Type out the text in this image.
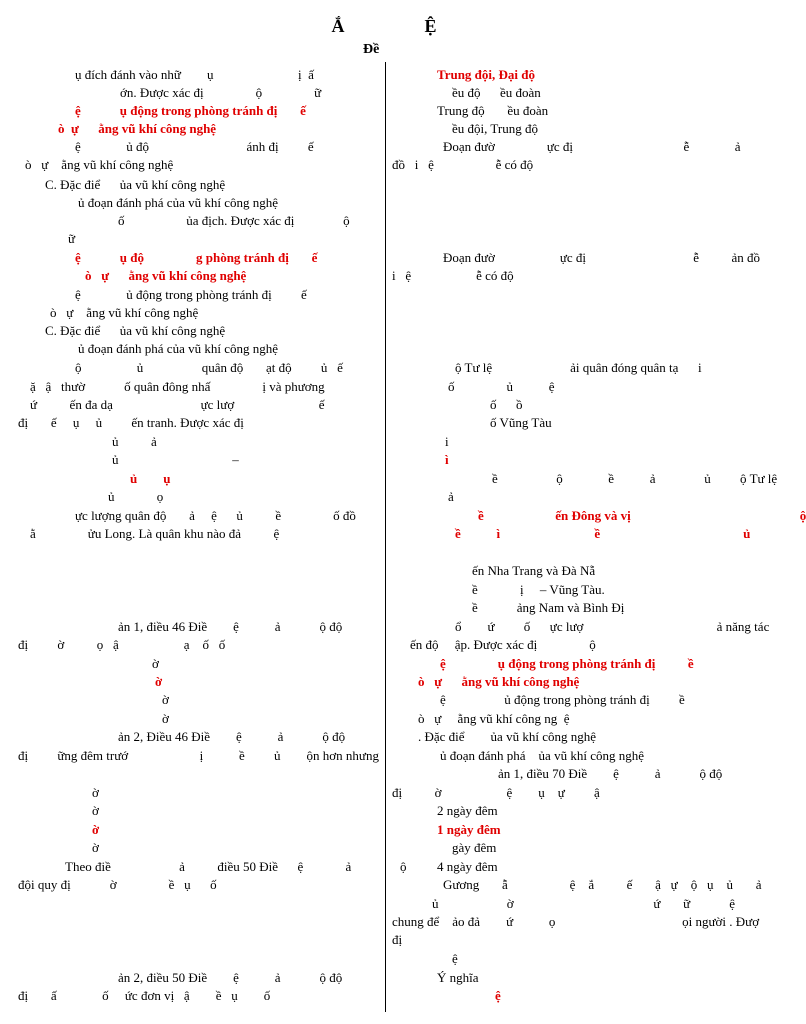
Ắ	Ệ
Đề
ụ đích đánh vào nhữ        ụ                          ị  ấ
ớn. Được xác đị                ộ                ữ
ệ            ụ động trong phòng tránh đị       ế
ò  ự      ằng vũ khí công nghệ
ệ              ủ độ                              ánh đị         ế
ò   ự    ằng vũ khí công nghệ
C. Đặc điể      ủa vũ khí công nghệ
ủ đoạn đánh phá của vũ khí công nghệ
ố                   ủa địch. Được xác đị               ộ
ữ
ệ            ụ độ                g phòng tránh đị       ế
ò   ự      ằng vũ khí công nghệ
ệ              ủ động trong phòng tránh đị         ế
ò   ự    ằng vũ khí công nghệ
C. Đặc điể      ủa vũ khí công nghệ
ủ đoạn đánh phá của vũ khí công nghệ
ộ                 ủ                  quân độ       ạt độ         ủ   ế
ặ   ậ   thườ            ố quân đông nhấ                ị và phương
ứ          ến đa dạ                           ực lượ                          ế
đị       ế     ụ     ủ         ến tranh. Được xác đị
ủ          ả
ủ                                   –
ủ        ụ
ủ             ọ
ực lượng quân độ       ả     ệ      ủ          ề                ố đồ
ằ                ửu Long. Là quân khu nào đả          ệ
ản 1, điều 46 Điề        ệ           ả            ộ độ
đị         ờ          ọ   ậ                    ạ    ố   ố
ờ
ờ
ờ
ờ
ản 2, Điều 46 Điề        ệ           ả            ộ độ
đị         ững đêm trướ                      ị           ề         ủ        ộn hơn nhưng
ờ
ờ
ờ
ờ
Theo điề                     ả          điều 50 Điề      ệ             ả               ộ
đội quy đị            ờ                ề   ụ      ố
ản 2, điều 50 Điề        ệ           ả            ộ độ
đị       ấ              ố     ức đơn vị   ậ        ề   ụ        ố
Trung đội, Đại độ
ều độ      ều đoàn
Trung độ       ều đoàn
ều đội, Trung độ
Đoạn đườ                ực đị                                  ễ              ả
đồ   i   ệ                   ễ có độ
Đoạn đườ                    ực đị                                 ễ          ản đồ
i   ệ                    ễ có độ
ộ Tư lệ                        ải quân đóng quân tạ      i
ố                ủ           ệ
ố      ồ
ố Vũng Tàu
i
ì
ề                  ộ              ề           ả               ủ         ộ Tư lệ
ả
ề                      ến Đông và vị                                                    ộ
ề           ì                             ề                                            ủ
ến Nha Trang và Đà Nẵ
ề             ị     – Vũng Tàu.
ề            ảng Nam và Bình Đị
ổ        ứ         ố      ực lượ                                         ả năng tác
ến độ     ập. Được xác đị                ộ
ệ                ụ động trong phòng tránh đị          ề
ò   ự      ằng vũ khí công nghệ
ệ                  ủ động trong phòng tránh đị         ề
ò   ự     ằng vũ khí công ng  ệ
. Đặc điể        ủa vũ khí công nghệ
ủ đoạn đánh phá    ủa vũ khí công nghệ
ản 1, điều 70 Điề        ệ           ả            ộ độ
đị          ờ                    ệ        ụ    ự         ậ
2 ngày đêm
1 ngày đêm
gày đêm
4 ngày đêm
Gương       ẫ                   ệ    ắ          ế       ậ   ự    ộ   ụ    ủ       ả
ủ                     ờ                                           ứ       ữ            ệ
chung để    ảo đả        ứ           ọ                                       ọi người . Đượ
đị
ệ
Ý nghĩa
ệ
